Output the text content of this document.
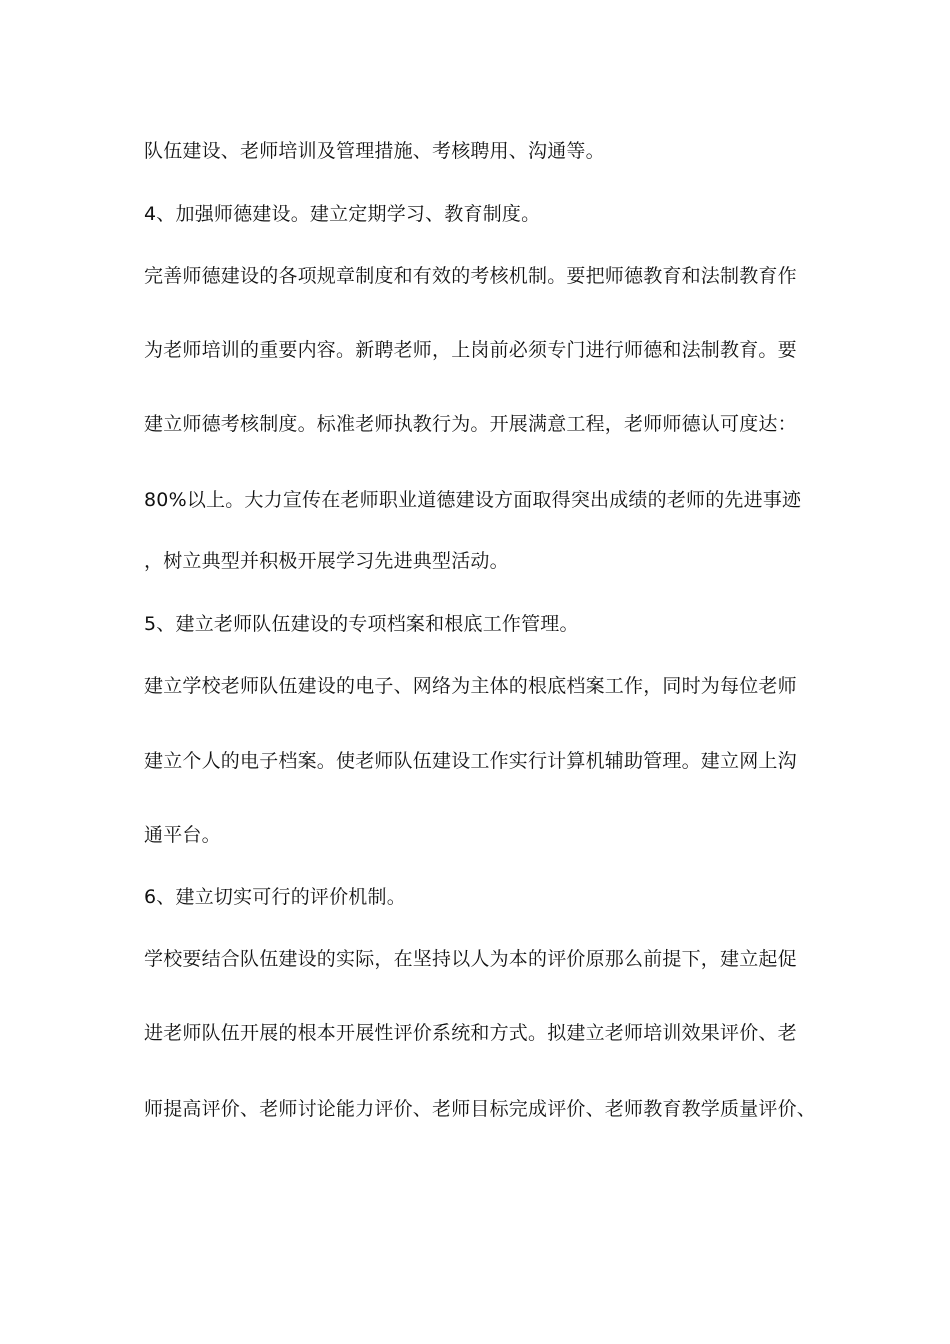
队伍建设、老师培训及管理措施、考核聘用、沟通等。
4、加强师德建设。建立定期学习、教育制度。
完善师德建设的各项规章制度和有效的考核机制。要把师德教育和法制教育作
为老师培训的重要内容。新聘老师，上岗前必须专门进行师德和法制教育。要
建立师德考核制度。标准老师执教行为。开展满意工程，老师师德认可度达：
80%以上。大力宣传在老师职业道德建设方面取得突出成绩的老师的先进事迹
，树立典型并积极开展学习先进典型活动。
5、建立老师队伍建设的专项档案和根底工作管理。
建立学校老师队伍建设的电子、网络为主体的根底档案工作，同时为每位老师
建立个人的电子档案。使老师队伍建设工作实行计算机辅助管理。建立网上沟
通平台。
6、建立切实可行的评价机制。
学校要结合队伍建设的实际，在坚持以人为本的评价原那么前提下，建立起促
进老师队伍开展的根本开展性评价系统和方式。拟建立老师培训效果评价、老
师提高评价、老师讨论能力评价、老师目标完成评价、老师教育教学质量评价、
